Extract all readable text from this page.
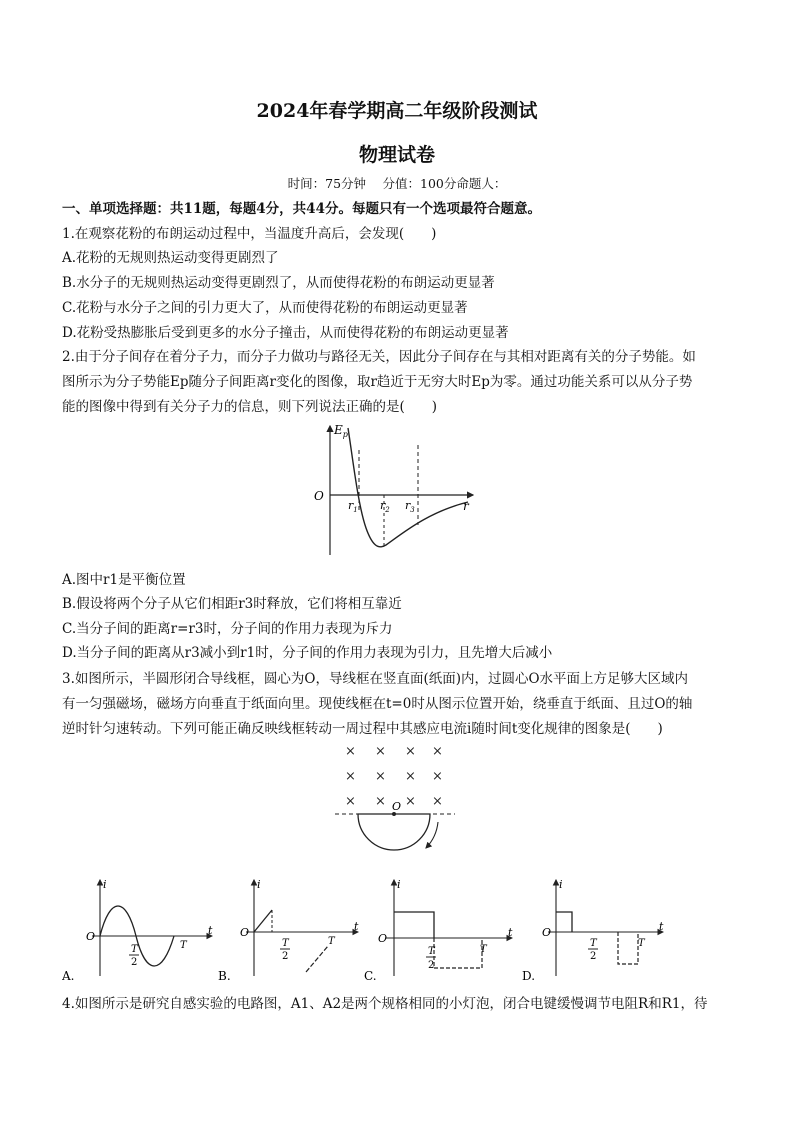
2024年春学期高二年级阶段测试
物理试卷
时间：75分钟　 分值：100分命题人：
一、单项选择题：共11题，每题4分，共44分。每题只有一个选项最符合题意。
1.在观察花粉的布朗运动过程中，当温度升高后，会发现(　　)
A.花粉的无规则热运动变得更剧烈了
B.水分子的无规则热运动变得更剧烈了，从而使得花粉的布朗运动更显著
C.花粉与水分子之间的引力更大了，从而使得花粉的布朗运动更显著
D.花粉受热膨胀后受到更多的水分子撞击，从而使得花粉的布朗运动更显著
2.由于分子间存在着分子力，而分子力做功与路径无关，因此分子间存在与其相对距离有关的分子势能。如
图所示为分子势能Ep随分子间距离r变化的图像，取r趋近于无穷大时Ep为零。通过功能关系可以从分子势
能的图像中得到有关分子力的信息，则下列说法正确的是(　　)
$E_p$
O
r
$r_1$ $r_2$ $r_3$
A.图中r1是平衡位置
B.假设将两个分子从它们相距r3时释放，它们将相互靠近
C.当分子间的距离r=r3时，分子间的作用力表现为斥力
D.当分子间的距离从r3减小到r1时，分子间的作用力表现为引力，且先增大后减小
3.如图所示，半圆形闭合导线框，圆心为O，导线框在竖直面(纸面)内，过圆心O水平面上方足够大区域内
有一匀强磁场，磁场方向垂直于纸面向里。现使线框在t=0时从图示位置开始，绕垂直于纸面、且过O的轴
逆时针匀速转动。下列可能正确反映线框转动一周过程中其感应电流i随时间t变化规律的图象是(　　)
× × × ×
× × × ×
× × × ×
O
i
t
O
T
2
T
A.
i
t
O
T
2
T
B.
i
t
O
T
2
T
C.
i
t
O
T
2
T
D.
4.如图所示是研究自感实验的电路图，A1、A2是两个规格相同的小灯泡，闭合电键缓慢调节电阻R和R1，待
